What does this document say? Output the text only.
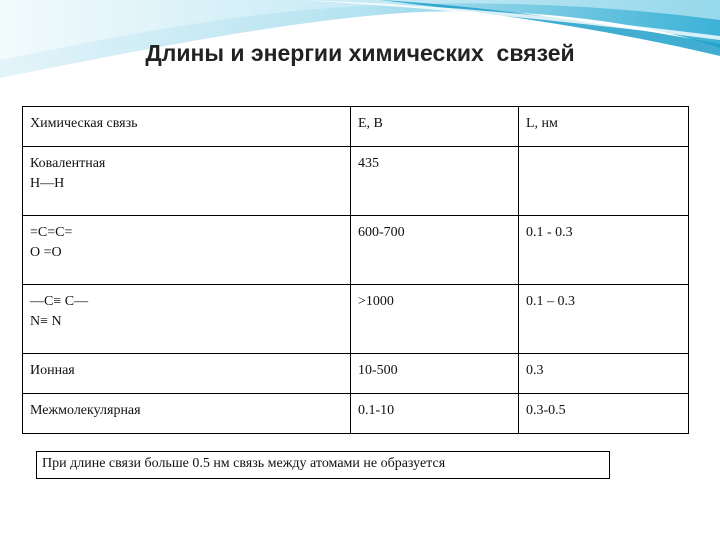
Длины и энергии химических  связей
Химическая связь	E, В	L, нм
Ковалентная
H—H	435	
=C=C=
O =O	600-700	0.1 - 0.3
—C≡ C—
N≡ N	>1000	0.1 – 0.3
Ионная	10-500	0.3
Межмолекулярная	0.1-10	0.3-0.5
При длине связи больше 0.5 нм связь между атомами не образуется
